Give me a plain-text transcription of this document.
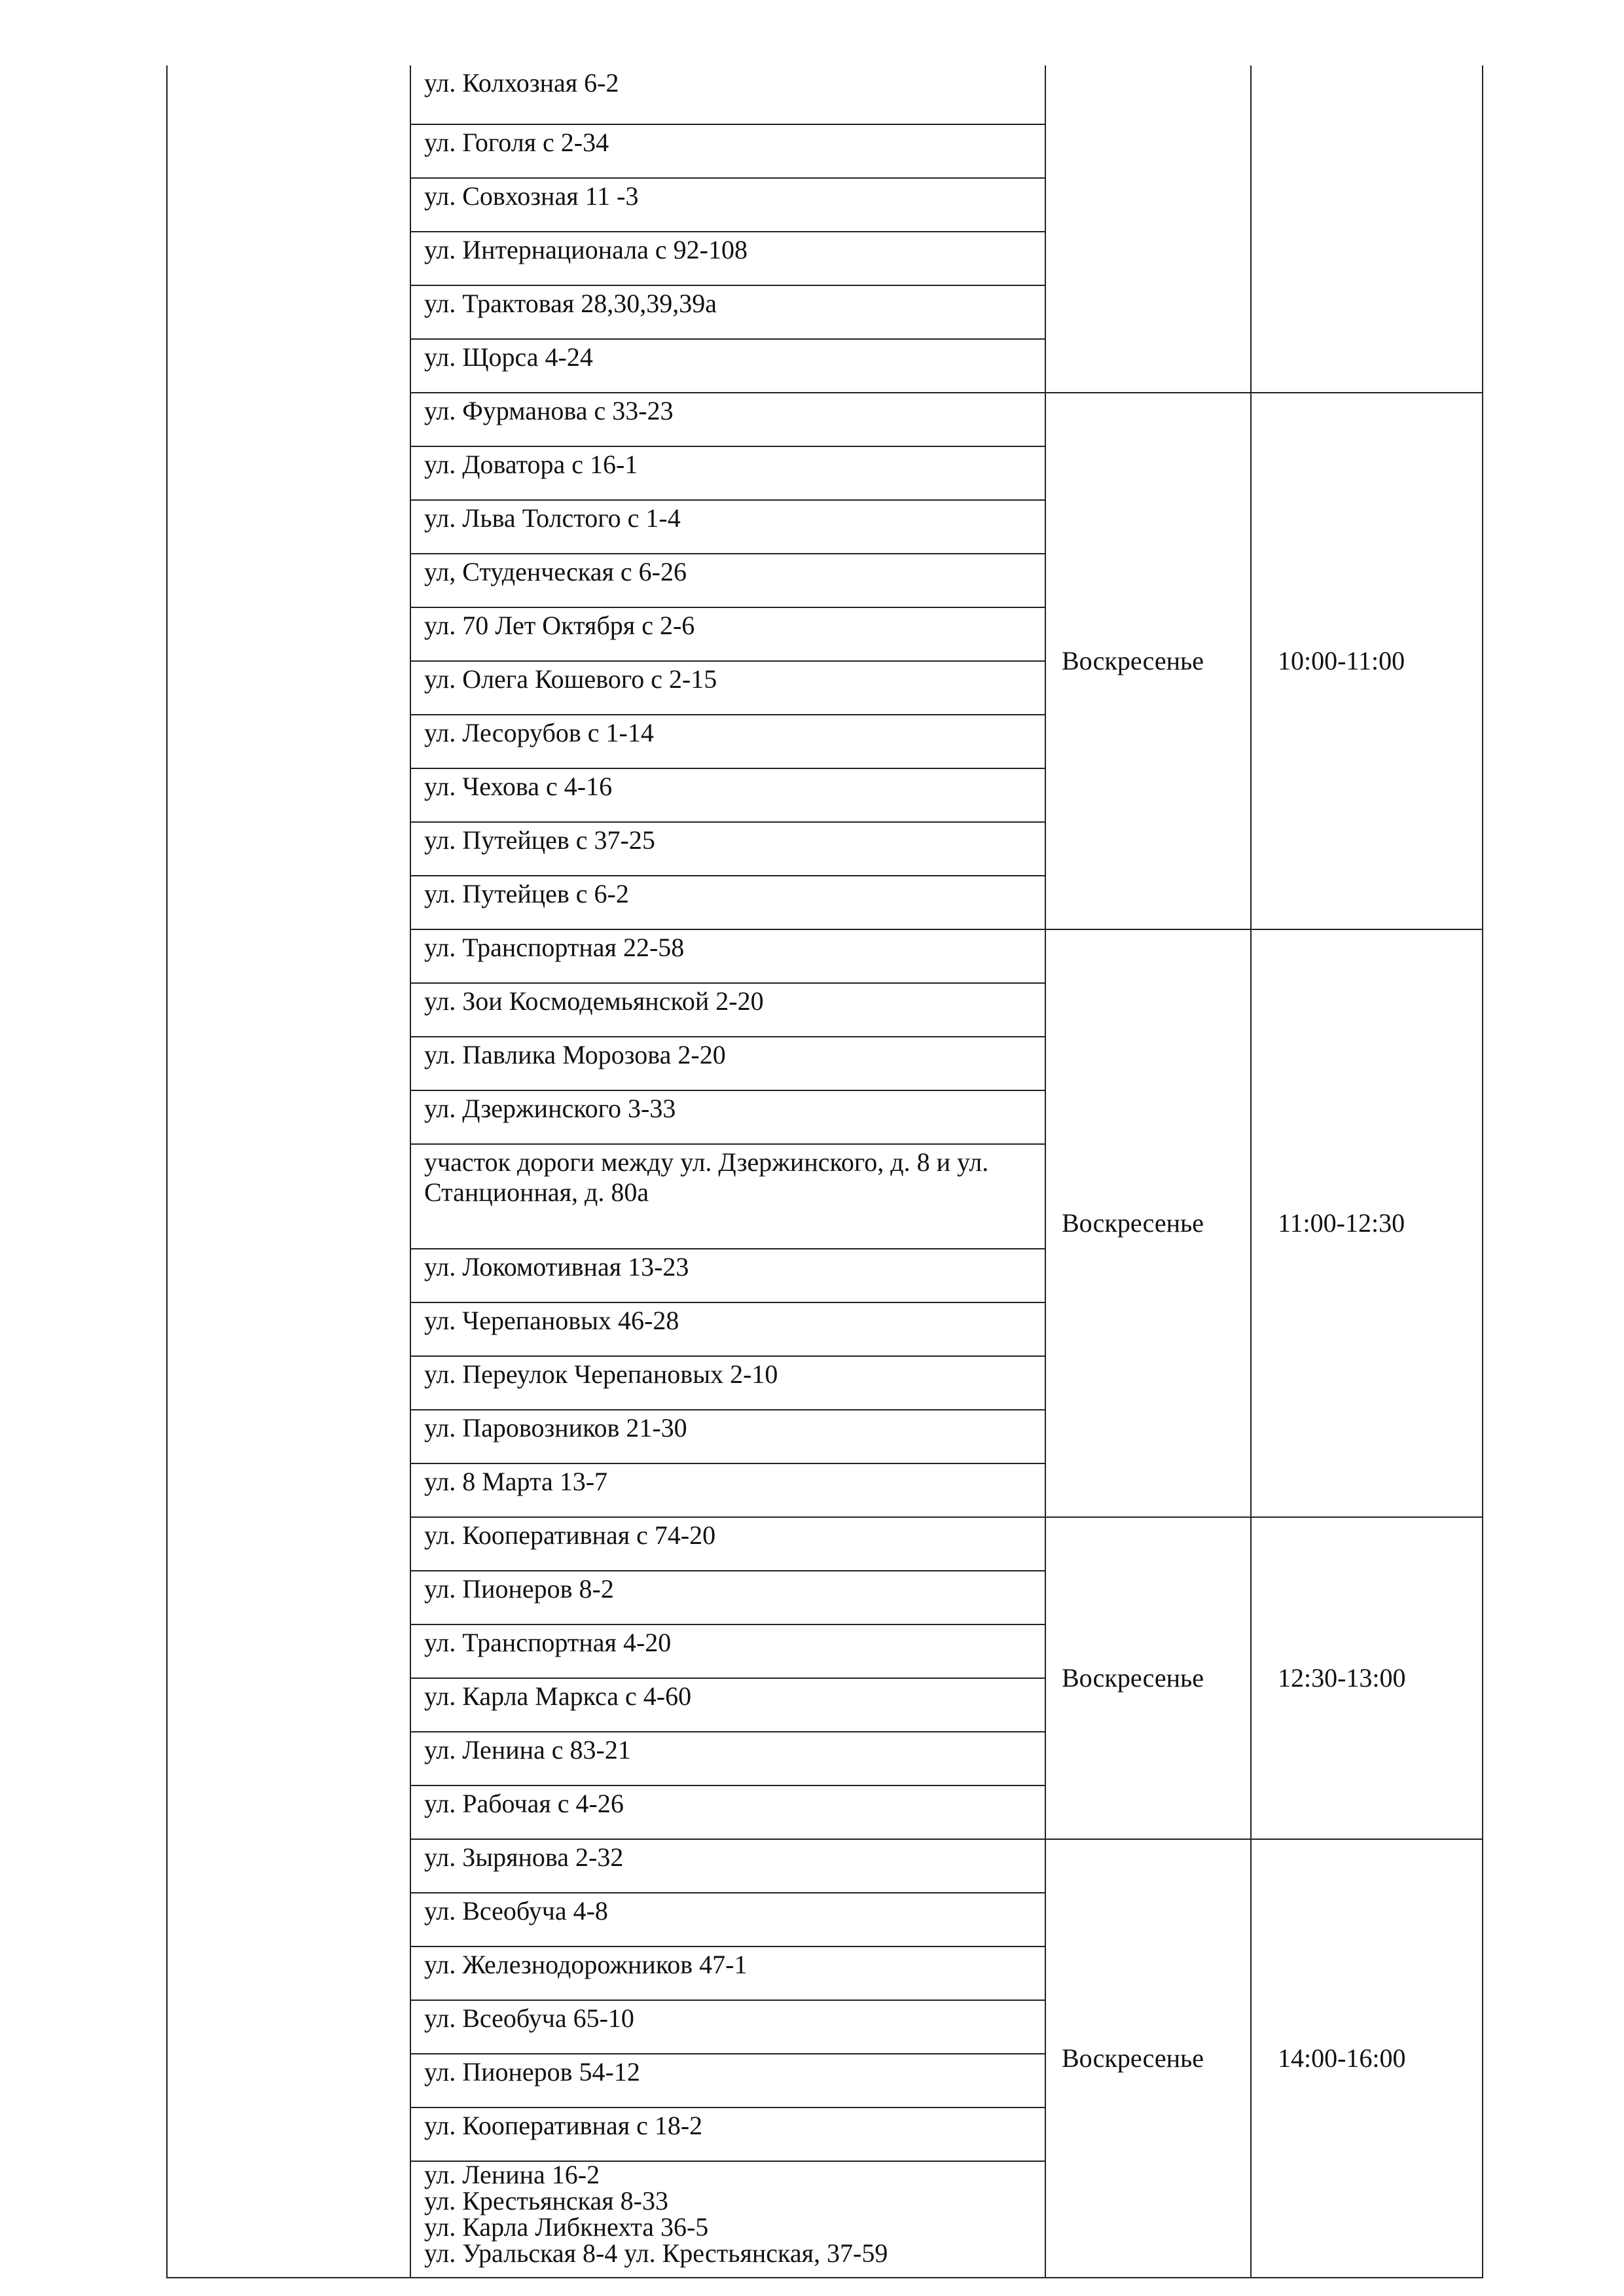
	ул. Колхозная 6-2		

	ул. Гоголя с 2-34		

	ул. Совхозная 11 -3		

	ул. Интернационала с 92-108		

	ул. Трактовая 28,30,39,39а		

	ул. Щорса 4-24		

	ул. Фурманова с 33-23	Воскресенье	10:00-11:00

	ул. Доватора с 16-1		

	ул. Льва Толстого с 1-4		

	ул, Студенческая с 6-26		

	ул. 70 Лет Октября с 2-6		

	ул. Олега Кошевого с 2-15		

	ул. Лесорубов с 1-14		

	ул. Чехова с 4-16		

	ул. Путейцев с 37-25		

	ул. Путейцев с 6-2		

	ул. Транспортная 22-58	Воскресенье	11:00-12:30

	ул. Зои Космодемьянской 2-20		

	ул. Павлика Морозова 2-20		

	ул. Дзержинского 3-33		

	участок дороги между ул. Дзержинского, д. 8 и ул. Станционная, д. 80а		

	ул. Локомотивная 13-23		

	ул. Черепановых 46-28		

	ул. Переулок Черепановых 2-10		

	ул. Паровозников 21-30		

	ул. 8 Марта 13-7		

	ул. Кооперативная с 74-20	Воскресенье	12:30-13:00

	ул. Пионеров 8-2		

	ул. Транспортная 4-20		

	ул. Карла Маркса с 4-60		

	ул. Ленина с 83-21		

	ул. Рабочая с 4-26		

	ул. Зырянова 2-32	Воскресенье	14:00-16:00

	ул. Всеобуча 4-8		

	ул. Железнодорожников 47-1		

	ул. Всеобуча 65-10		

	ул. Пионеров 54-12		

	ул. Кооперативная с 18-2		

	ул. Ленина 16-2
ул. Крестьянская 8-33
ул. Карла Либкнехта 36-5
ул. Уральская 8-4 ул. Крестьянская, 37-59		
